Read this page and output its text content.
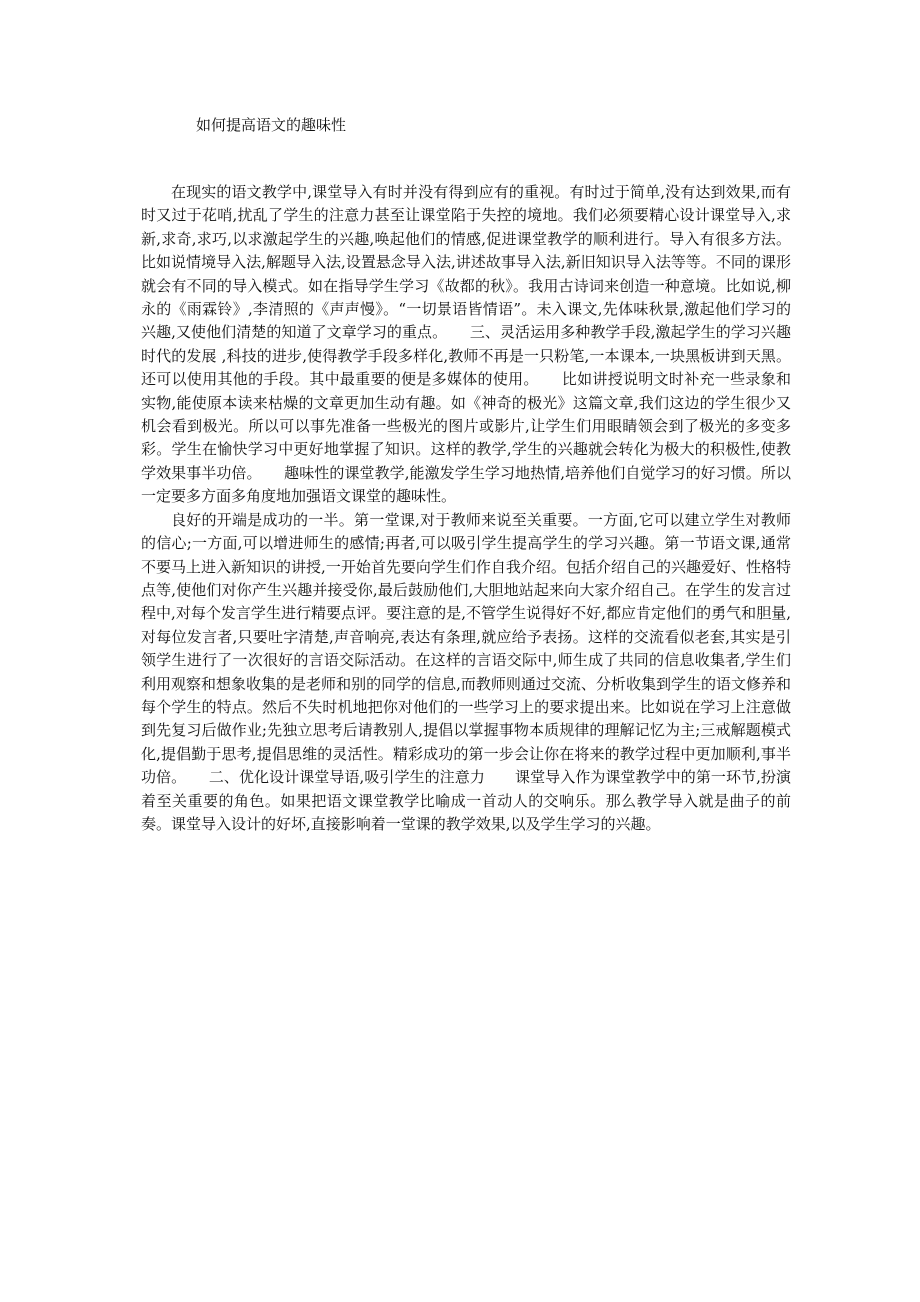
如何提高语文的趣味性

在现实的语文教学中,课堂导入有时并没有得到应有的重视。有时过于简单,没有达到效果,而有时又过于花哨,扰乱了学生的注意力甚至让课堂陷于失控的境地。我们必须要精心设计课堂导入,求新,求奇,求巧,以求激起学生的兴趣,唤起他们的情感,促进课堂教学的顺利进行。导入有很多方法。比如说情境导入法,解题导入法,设置悬念导入法,讲述故事导入法,新旧知识导入法等等。不同的课形就会有不同的导入模式。如在指导学生学习《故都的秋》。我用古诗词来创造一种意境。比如说,柳永的《雨霖铃》,李清照的《声声慢》。“一切景语皆情语”。未入课文,先体味秋景,激起他们学习的兴趣,又使他们清楚的知道了文章学习的重点。　　三、灵活运用多种教学手段,激起学生的学习兴趣　　时代的发展 ,科技的进步,使得教学手段多样化,教师不再是一只粉笔,一本课本,一块黑板讲到天黑。还可以使用其他的手段。其中最重要的便是多媒体的使用。　　比如讲授说明文时补充一些录象和实物,能使原本读来枯燥的文章更加生动有趣。如《神奇的极光》这篇文章,我们这边的学生很少又机会看到极光。所以可以事先准备一些极光的图片或影片,让学生们用眼睛领会到了极光的多变多彩。学生在愉快学习中更好地掌握了知识。这样的教学,学生的兴趣就会转化为极大的积极性,使教学效果事半功倍。　　趣味性的课堂教学,能激发学生学习地热情,培养他们自觉学习的好习惯。所以一定要多方面多角度地加强语文课堂的趣味性。

良好的开端是成功的一半。第一堂课,对于教师来说至关重要。一方面,它可以建立学生对教师的信心;一方面,可以增进师生的感情;再者,可以吸引学生提高学生的学习兴趣。第一节语文课,通常不要马上进入新知识的讲授,一开始首先要向学生们作自我介绍。包括介绍自己的兴趣爱好、性格特点等,使他们对你产生兴趣并接受你,最后鼓励他们,大胆地站起来向大家介绍自己。在学生的发言过程中,对每个发言学生进行精要点评。要注意的是,不管学生说得好不好,都应肯定他们的勇气和胆量,对每位发言者,只要吐字清楚,声音响亮,表达有条理,就应给予表扬。这样的交流看似老套,其实是引领学生进行了一次很好的言语交际活动。在这样的言语交际中,师生成了共同的信息收集者,学生们利用观察和想象收集的是老师和别的同学的信息,而教师则通过交流、分析收集到学生的语文修养和每个学生的特点。然后不失时机地把你对他们的一些学习上的要求提出来。比如说在学习上注意做到先复习后做作业;先独立思考后请教别人,提倡以掌握事物本质规律的理解记忆为主;三戒解题模式化,提倡勤于思考,提倡思维的灵活性。精彩成功的第一步会让你在将来的教学过程中更加顺利,事半功倍。　　二、优化设计课堂导语,吸引学生的注意力　　课堂导入作为课堂教学中的第一环节,扮演着至关重要的角色。如果把语文课堂教学比喻成一首动人的交响乐。那么教学导入就是曲子的前奏。课堂导入设计的好坏,直接影响着一堂课的教学效果,以及学生学习的兴趣。
